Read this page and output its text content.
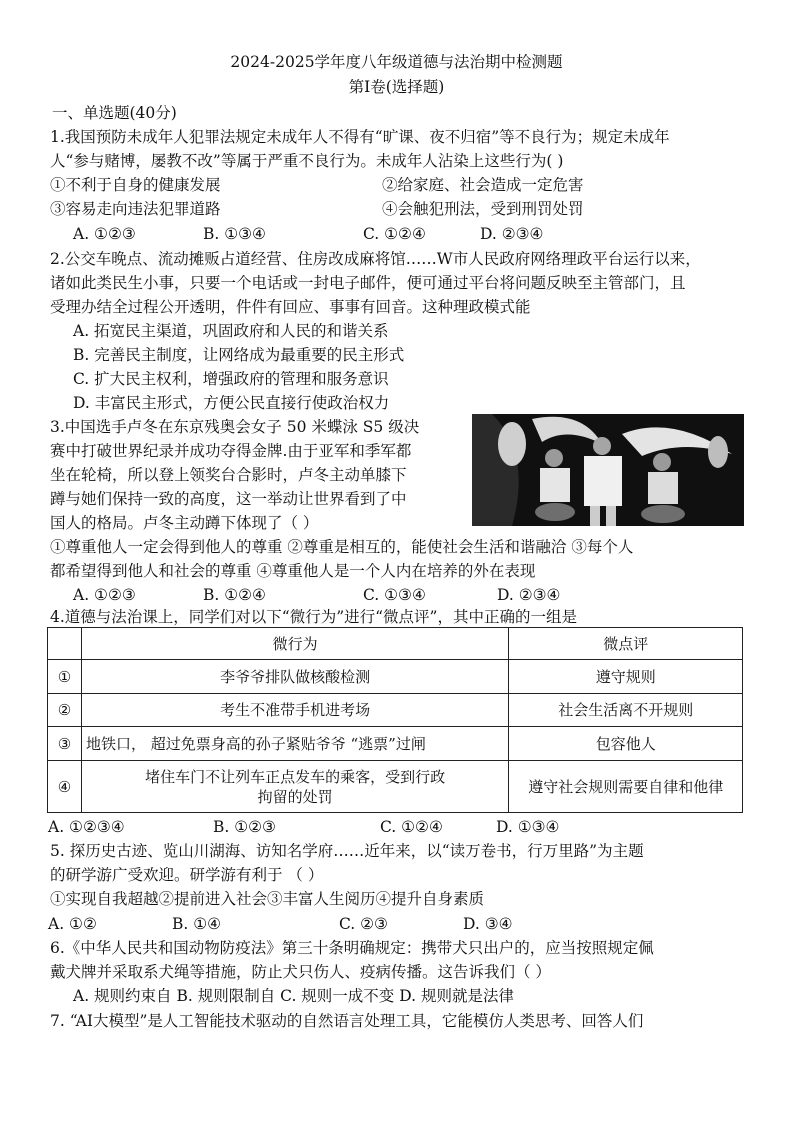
2024-2025学年度八年级道德与法治期中检测题
第Ⅰ卷(选择题)
一、单选题(40分)
1.我国预防未成年人犯罪法规定未成年人不得有“旷课、夜不归宿”等不良行为；规定未成年
人“参与赌博，屡教不改”等属于严重不良行为。未成年人沾染上这些行为( )
①不利于自身的健康发展	②给家庭、社会造成一定危害
③容易走向违法犯罪道路	④会触犯刑法，受到刑罚处罚
A. ①②③	B. ①③④	C. ①②④	D. ②③④
2.公交车晚点、流动摊贩占道经营、住房改成麻将馆……W市人民政府网络理政平台运行以来，
诸如此类民生小事，只要一个电话或一封电子邮件，便可通过平台将问题反映至主管部门，且
受理办结全过程公开透明，件件有回应、事事有回音。这种理政模式能
A. 拓宽民主渠道，巩固政府和人民的和谐关系
B. 完善民主制度，让网络成为最重要的民主形式
C. 扩大民主权利，增强政府的管理和服务意识
D. 丰富民主形式，方便公民直接行使政治权力
3.中国选手卢冬在东京残奥会女子 50 米蝶泳 S5 级决
赛中打破世界纪录并成功夺得金牌.由于亚军和季军都
坐在轮椅，所以登上领奖台合影时，卢冬主动单膝下
蹲与她们保持一致的高度，这一举动让世界看到了中
国人的格局。卢冬主动蹲下体现了（ ）
①尊重他人一定会得到他人的尊重 ②尊重是相互的，能使社会生活和谐融洽 ③每个人
都希望得到他人和社会的尊重 ④尊重他人是一个人内在培养的外在表现
A. ①②③	B. ①②④	C. ①③④	D. ②③④
4.道德与法治课上，同学们对以下“微行为”进行“微点评”，其中正确的一组是
	微行为	微点评
①	李爷爷排队做核酸检测	遵守规则
②	考生不准带手机进考场	社会生活离不开规则
③	地铁口， 超过免票身高的孙子紧贴爷爷 “逃票”过闸	包容他人
④	堵住车门不让列车正点发车的乘客，受到行政拘留的处罚	遵守社会规则需要自律和他律
A. ①②③④	B. ①②③	C. ①②④	D. ①③④
5. 探历史古迹、览山川湖海、访知名学府……近年来，以“读万卷书，行万里路”为主题
的研学游广受欢迎。研学游有利于 （ ）
①实现自我超越②提前进入社会③丰富人生阅历④提升自身素质
A. ①②	B. ①④	C. ②③	D. ③④
6.《中华人民共和国动物防疫法》第三十条明确规定：携带犬只出户的，应当按照规定佩
戴犬牌并采取系犬绳等措施，防止犬只伤人、疫病传播。这告诉我们（ ）
A. 规则约束自 B. 规则限制自 C. 规则一成不变 D. 规则就是法律
7. “AI大模型”是人工智能技术驱动的自然语言处理工具，它能模仿人类思考、回答人们
